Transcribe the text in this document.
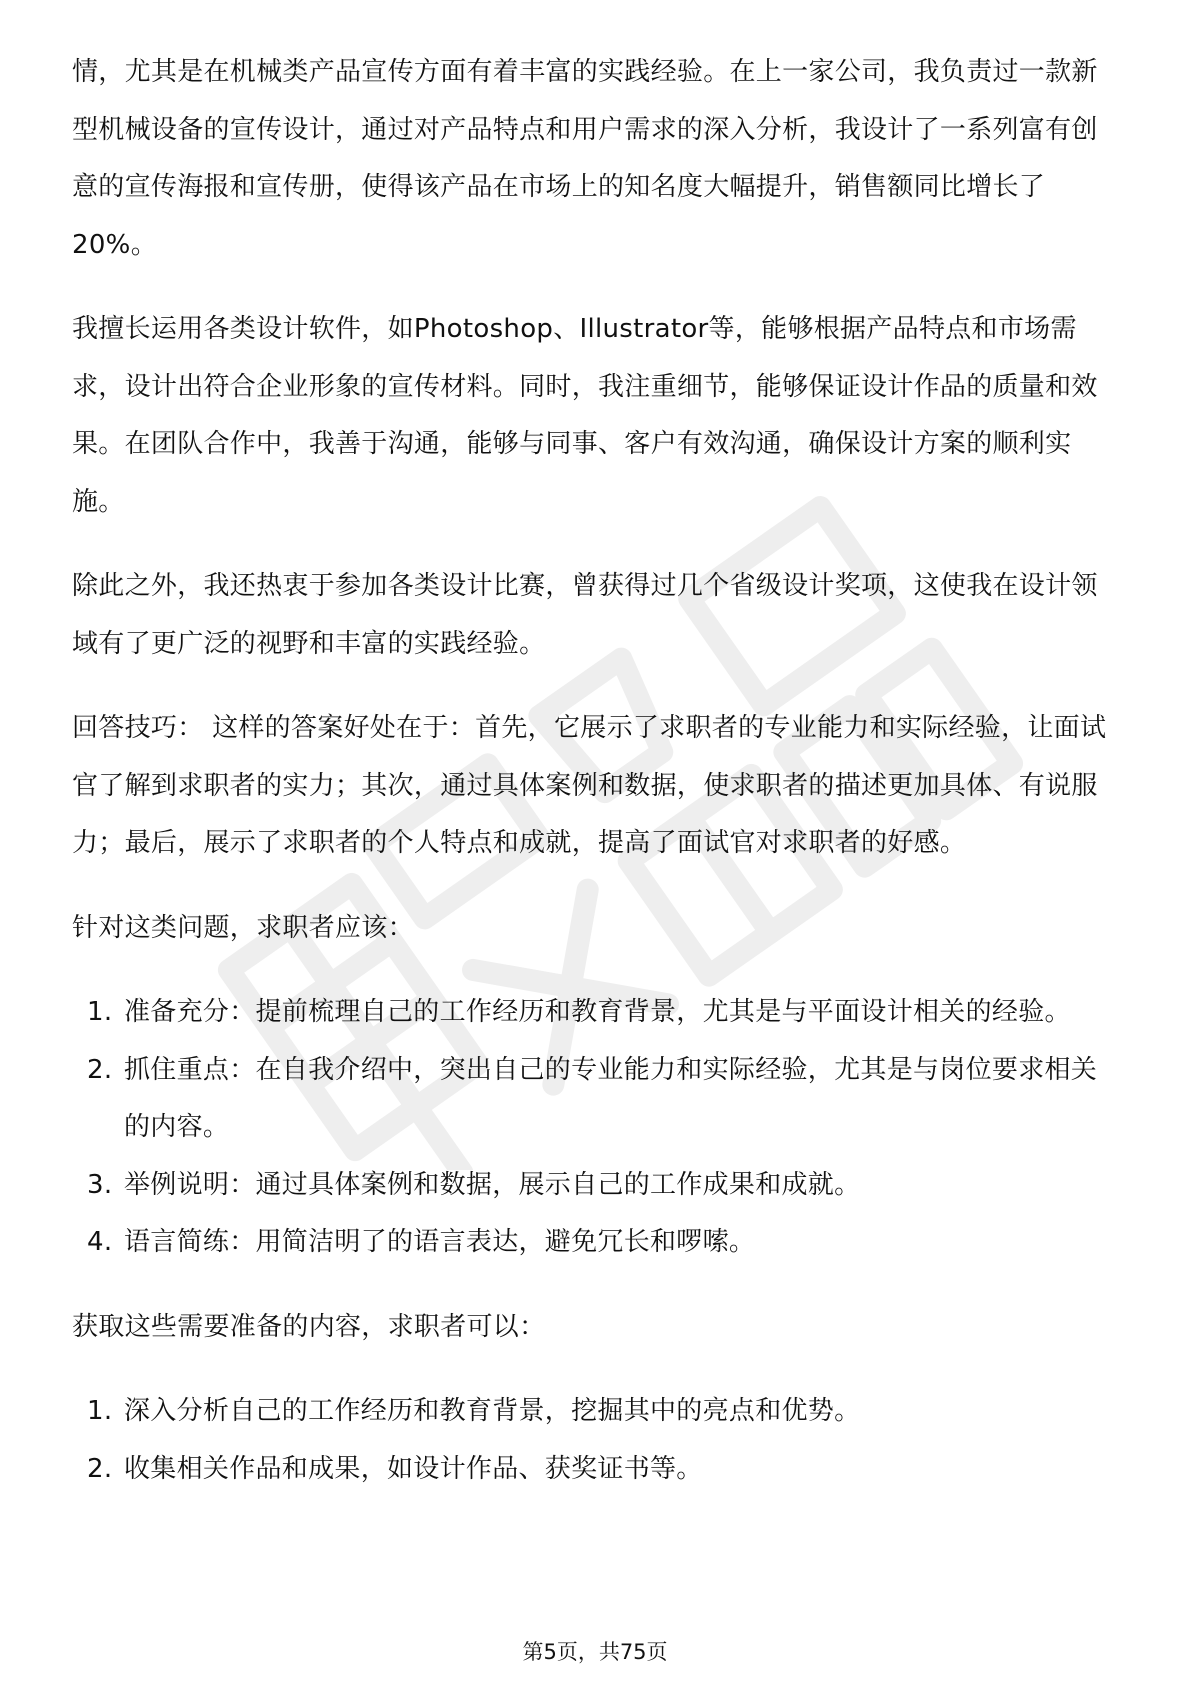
情，尤其是在机械类产品宣传方面有着丰富的实践经验。在上一家公司，我负责过一款新型机械设备的宣传设计，通过对产品特点和用户需求的深入分析，我设计了一系列富有创意的宣传海报和宣传册，使得该产品在市场上的知名度大幅提升，销售额同比增长了20%。

我擅长运用各类设计软件，如Photoshop、Illustrator等，能够根据产品特点和市场需求，设计出符合企业形象的宣传材料。同时，我注重细节，能够保证设计作品的质量和效果。在团队合作中，我善于沟通，能够与同事、客户有效沟通，确保设计方案的顺利实施。

除此之外，我还热衷于参加各类设计比赛，曾获得过几个省级设计奖项，这使我在设计领域有了更广泛的视野和丰富的实践经验。

回答技巧： 这样的答案好处在于：首先，它展示了求职者的专业能力和实际经验，让面试官了解到求职者的实力；其次，通过具体案例和数据，使求职者的描述更加具体、有说服力；最后，展示了求职者的个人特点和成就，提高了面试官对求职者的好感。

针对这类问题，求职者应该：

1. 准备充分：提前梳理自己的工作经历和教育背景，尤其是与平面设计相关的经验。
2. 抓住重点：在自我介绍中，突出自己的专业能力和实际经验，尤其是与岗位要求相关的内容。
3. 举例说明：通过具体案例和数据，展示自己的工作成果和成就。
4. 语言简练：用简洁明了的语言表达，避免冗长和啰嗦。

获取这些需要准备的内容，求职者可以：

1. 深入分析自己的工作经历和教育背景，挖掘其中的亮点和优势。
2. 收集相关作品和成果，如设计作品、获奖证书等。
第5页，共75页
